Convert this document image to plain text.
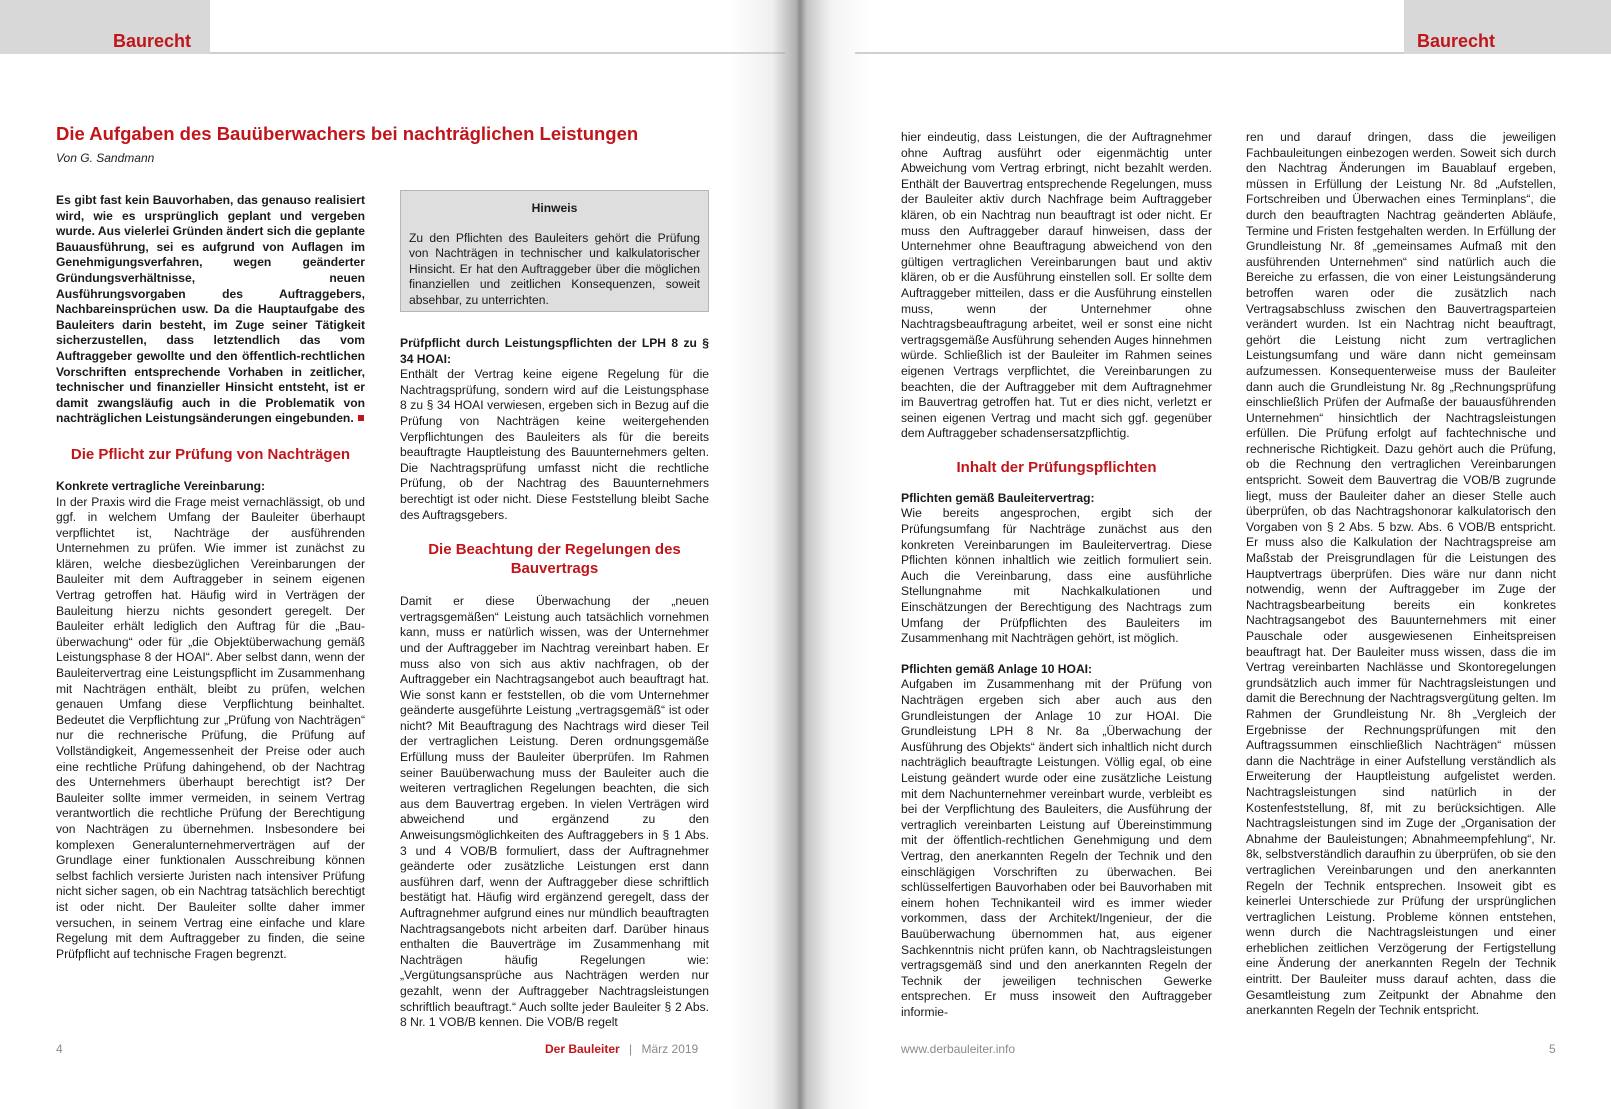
Baurecht	Baurecht
Die Aufgaben des Bauüberwachers bei nachträglichen Leistungen
Von G. Sandmann

Es gibt fast kein Bauvorhaben, das genauso realisiert wird, wie es ursprünglich geplant und vergeben wurde. Aus vielerlei Gründen ändert sich die geplante Bauausführung, sei es aufgrund von Auflagen im Genehmigungsverfahren, wegen geänderter Gründungsverhältnisse, neuen Ausführungsvorgaben des Auftraggebers, Nachbareinsprüchen usw. Da die Hauptaufgabe des Bauleiters darin besteht, im Zuge seiner Tätigkeit sicherzustellen, dass letztendlich das vom Auftraggeber gewollte und den öffentlich-rechtlichen Vorschriften entsprechende Vorhaben in zeitlicher, technischer und finanzieller Hinsicht entsteht, ist er damit zwangsläufig auch in die Problematik von nachträglichen Leistungsänderungen eingebunden.

Die Pflicht zur Prüfung von Nachträgen

Konkrete vertragliche Vereinbarung:

In der Praxis wird die Frage meist vernachlässigt, ob und ggf. in welchem Umfang der Bauleiter überhaupt verpflichtet ist, Nachträge der ausführenden Unternehmen zu prüfen. Wie immer ist zunächst zu klären, welche diesbezüglichen Vereinbarungen der Bauleiter mit dem Auftraggeber in seinem eigenen Vertrag getroffen hat. Häufig wird in Verträgen der Bauleitung hierzu nichts gesondert geregelt. Der Bauleiter erhält lediglich den Auftrag für die „Bau-überwachung“ oder für „die Objektüberwachung gemäß Leistungsphase 8 der HOAI“. Aber selbst dann, wenn der Bauleitervertrag eine Leistungspflicht im Zusammenhang mit Nachträgen enthält, bleibt zu prüfen, welchen genauen Umfang diese Verpflichtung beinhaltet. Bedeutet die Verpflichtung zur „Prüfung von Nachträgen“ nur die rechnerische Prüfung, die Prüfung auf Vollständigkeit, Angemessenheit der Preise oder auch eine rechtliche Prüfung dahingehend, ob der Nachtrag des Unternehmers überhaupt berechtigt ist? Der Bauleiter sollte immer vermeiden, in seinem Vertrag verantwortlich die rechtliche Prüfung der Berechtigung von Nachträgen zu übernehmen. Insbesondere bei komplexen Generalunternehmerverträgen auf der Grundlage einer funktionalen Ausschreibung können selbst fachlich versierte Juristen nach intensiver Prüfung nicht sicher sagen, ob ein Nachtrag tatsächlich berechtigt ist oder nicht. Der Bauleiter sollte daher immer versuchen, in seinem Vertrag eine einfache und klare Regelung mit dem Auftraggeber zu finden, die seine Prüfpflicht auf technische Fragen begrenzt.

Hinweis
Zu den Pflichten des Bauleiters gehört die Prüfung von Nachträgen in technischer und kalkulatorischer Hinsicht. Er hat den Auftraggeber über die möglichen finanziellen und zeitlichen Konsequenzen, soweit absehbar, zu unterrichten.

Prüfpflicht durch Leistungspflichten der LPH 8 zu § 34 HOAI:

Enthält der Vertrag keine eigene Regelung für die Nachtragsprüfung, sondern wird auf die Leistungsphase 8 zu § 34 HOAI verwiesen, ergeben sich in Bezug auf die Prüfung von Nachträgen keine weitergehenden Verpflichtungen des Bauleiters als für die bereits beauftragte Hauptleistung des Bauunternehmers gelten. Die Nachtragsprüfung umfasst nicht die rechtliche Prüfung, ob der Nachtrag des Bauunternehmers berechtigt ist oder nicht. Diese Feststellung bleibt Sache des Auftragsgebers.

Die Beachtung der Regelungen des Bauvertrags

Damit er diese Überwachung der „neuen vertragsgemäßen“ Leistung auch tatsächlich vornehmen kann, muss er natürlich wissen, was der Unternehmer und der Auftraggeber im Nachtrag vereinbart haben. Er muss also von sich aus aktiv nachfragen, ob der Auftraggeber ein Nachtragsangebot auch beauftragt hat. Wie sonst kann er feststellen, ob die vom Unternehmer geänderte ausgeführte Leistung „vertragsgemäß“ ist oder nicht? Mit Beauftragung des Nachtrags wird dieser Teil der vertraglichen Leistung. Deren ordnungsgemäße Erfüllung muss der Bauleiter überprüfen. Im Rahmen seiner Bauüberwachung muss der Bauleiter auch die weiteren vertraglichen Regelungen beachten, die sich aus dem Bauvertrag ergeben. In vielen Verträgen wird abweichend und ergänzend zu den Anweisungsmöglichkeiten des Auftraggebers in § 1 Abs. 3 und 4 VOB/B formuliert, dass der Auftragnehmer geänderte oder zusätzliche Leistungen erst dann ausführen darf, wenn der Auftraggeber diese schriftlich bestätigt hat. Häufig wird ergänzend geregelt, dass der Auftragnehmer aufgrund eines nur mündlich beauftragten Nachtragsangebots nicht arbeiten darf. Darüber hinaus enthalten die Bauverträge im Zusammenhang mit Nachträgen häufig Regelungen wie: „Vergütungsansprüche aus Nachträgen werden nur gezahlt, wenn der Auftraggeber Nachtragsleistungen schriftlich beauftragt.“ Auch sollte jeder Bauleiter § 2 Abs. 8 Nr. 1 VOB/B kennen. Die VOB/B regelt

hier eindeutig, dass Leistungen, die der Auftragnehmer ohne Auftrag ausführt oder eigenmächtig unter Abweichung vom Vertrag erbringt, nicht bezahlt werden. Enthält der Bauvertrag entsprechende Regelungen, muss der Bauleiter aktiv durch Nachfrage beim Auftraggeber klären, ob ein Nachtrag nun beauftragt ist oder nicht. Er muss den Auftraggeber darauf hinweisen, dass der Unternehmer ohne Beauftragung abweichend von den gültigen vertraglichen Vereinbarungen baut und aktiv klären, ob er die Ausführung einstellen soll. Er sollte dem Auftraggeber mitteilen, dass er die Ausführung einstellen muss, wenn der Unternehmer ohne Nachtragsbeauftragung arbeitet, weil er sonst eine nicht vertragsgemäße Ausführung sehenden Auges hinnehmen würde. Schließlich ist der Bauleiter im Rahmen seines eigenen Vertrags verpflichtet, die Vereinbarungen zu beachten, die der Auftraggeber mit dem Auftragnehmer im Bauvertrag getroffen hat. Tut er dies nicht, verletzt er seinen eigenen Vertrag und macht sich ggf. gegenüber dem Auftraggeber schadensersatzpflichtig.

Inhalt der Prüfungspflichten

Pflichten gemäß Bauleitervertrag:

Wie bereits angesprochen, ergibt sich der Prüfungsumfang für Nachträge zunächst aus den konkreten Vereinbarungen im Bauleitervertrag. Diese Pflichten können inhaltlich wie zeitlich formuliert sein. Auch die Vereinbarung, dass eine ausführliche Stellungnahme mit Nachkalkulationen und Einschätzungen der Berechtigung des Nachtrags zum Umfang der Prüfpflichten des Bauleiters im Zusammenhang mit Nachträgen gehört, ist möglich.

Pflichten gemäß Anlage 10 HOAI:

Aufgaben im Zusammenhang mit der Prüfung von Nachträgen ergeben sich aber auch aus den Grundleistungen der Anlage 10 zur HOAI. Die Grundleistung LPH 8 Nr. 8a „Überwachung der Ausführung des Objekts“ ändert sich inhaltlich nicht durch nachträglich beauftragte Leistungen. Völlig egal, ob eine Leistung geändert wurde oder eine zusätzliche Leistung mit dem Nachunternehmer vereinbart wurde, verbleibt es bei der Verpflichtung des Bauleiters, die Ausführung der vertraglich vereinbarten Leistung auf Übereinstimmung mit der öffentlich-rechtlichen Genehmigung und dem Vertrag, den anerkannten Regeln der Technik und den einschlägigen Vorschriften zu überwachen. Bei schlüsselfertigen Bauvorhaben oder bei Bauvorhaben mit einem hohen Technikanteil wird es immer wieder vorkommen, dass der Architekt/Ingenieur, der die Bauüberwachung übernommen hat, aus eigener Sachkenntnis nicht prüfen kann, ob Nachtragsleistungen vertragsgemäß sind und den anerkannten Regeln der Technik der jeweiligen technischen Gewerke entsprechen. Er muss insoweit den Auftraggeber informie-

ren und darauf dringen, dass die jeweiligen Fachbauleitungen einbezogen werden. Soweit sich durch den Nachtrag Änderungen im Bauablauf ergeben, müssen in Erfüllung der Leistung Nr. 8d „Aufstellen, Fortschreiben und Überwachen eines Terminplans“, die durch den beauftragten Nachtrag geänderten Abläufe, Termine und Fristen festgehalten werden. In Erfüllung der Grundleistung Nr. 8f „gemeinsames Aufmaß mit den ausführenden Unternehmen“ sind natürlich auch die Bereiche zu erfassen, die von einer Leistungsänderung betroffen waren oder die zusätzlich nach Vertragsabschluss zwischen den Bauvertragsparteien verändert wurden. Ist ein Nachtrag nicht beauftragt, gehört die Leistung nicht zum vertraglichen Leistungsumfang und wäre dann nicht gemeinsam aufzumessen. Konsequenterweise muss der Bauleiter dann auch die Grundleistung Nr. 8g „Rechnungsprüfung einschließlich Prüfen der Aufmaße der bauausführenden Unternehmen“ hinsichtlich der Nachtragsleistungen erfüllen. Die Prüfung erfolgt auf fachtechnische und rechnerische Richtigkeit. Dazu gehört auch die Prüfung, ob die Rechnung den vertraglichen Vereinbarungen entspricht. Soweit dem Bauvertrag die VOB/B zugrunde liegt, muss der Bauleiter daher an dieser Stelle auch überprüfen, ob das Nachtragshonorar kalkulatorisch den Vorgaben von § 2 Abs. 5 bzw. Abs. 6 VOB/B entspricht. Er muss also die Kalkulation der Nachtragspreise am Maßstab der Preisgrundlagen für die Leistungen des Hauptvertrags überprüfen. Dies wäre nur dann nicht notwendig, wenn der Auftraggeber im Zuge der Nachtragsbearbeitung bereits ein konkretes Nachtragsangebot des Bauunternehmers mit einer Pauschale oder ausgewiesenen Einheitspreisen beauftragt hat. Der Bauleiter muss wissen, dass die im Vertrag vereinbarten Nachlässe und Skontoregelungen grundsätzlich auch immer für Nachtragsleistungen und damit die Berechnung der Nachtragsvergütung gelten. Im Rahmen der Grundleistung Nr. 8h „Vergleich der Ergebnisse der Rechnungsprüfungen mit den Auftragssummen einschließlich Nachträgen“ müssen dann die Nachträge in einer Aufstellung verständlich als Erweiterung der Hauptleistung aufgelistet werden. Nachtragsleistungen sind natürlich in der Kostenfeststellung, 8f, mit zu berücksichtigen. Alle Nachtragsleistungen sind im Zuge der „Organisation der Abnahme der Bauleistungen; Abnahmeempfehlung“, Nr. 8k, selbstverständlich daraufhin zu überprüfen, ob sie den vertraglichen Vereinbarungen und den anerkannten Regeln der Technik entsprechen. Insoweit gibt es keinerlei Unterschiede zur Prüfung der ursprünglichen vertraglichen Leistung. Probleme können entstehen, wenn durch die Nachtragsleistungen und einer erheblichen zeitlichen Verzögerung der Fertigstellung eine Änderung der anerkannten Regeln der Technik eintritt. Der Bauleiter muss darauf achten, dass die Gesamtleistung zum Zeitpunkt der Abnahme den anerkannten Regeln der Technik entspricht.

4	Der Bauleiter | März 2019	www.derbauleiter.info	5
